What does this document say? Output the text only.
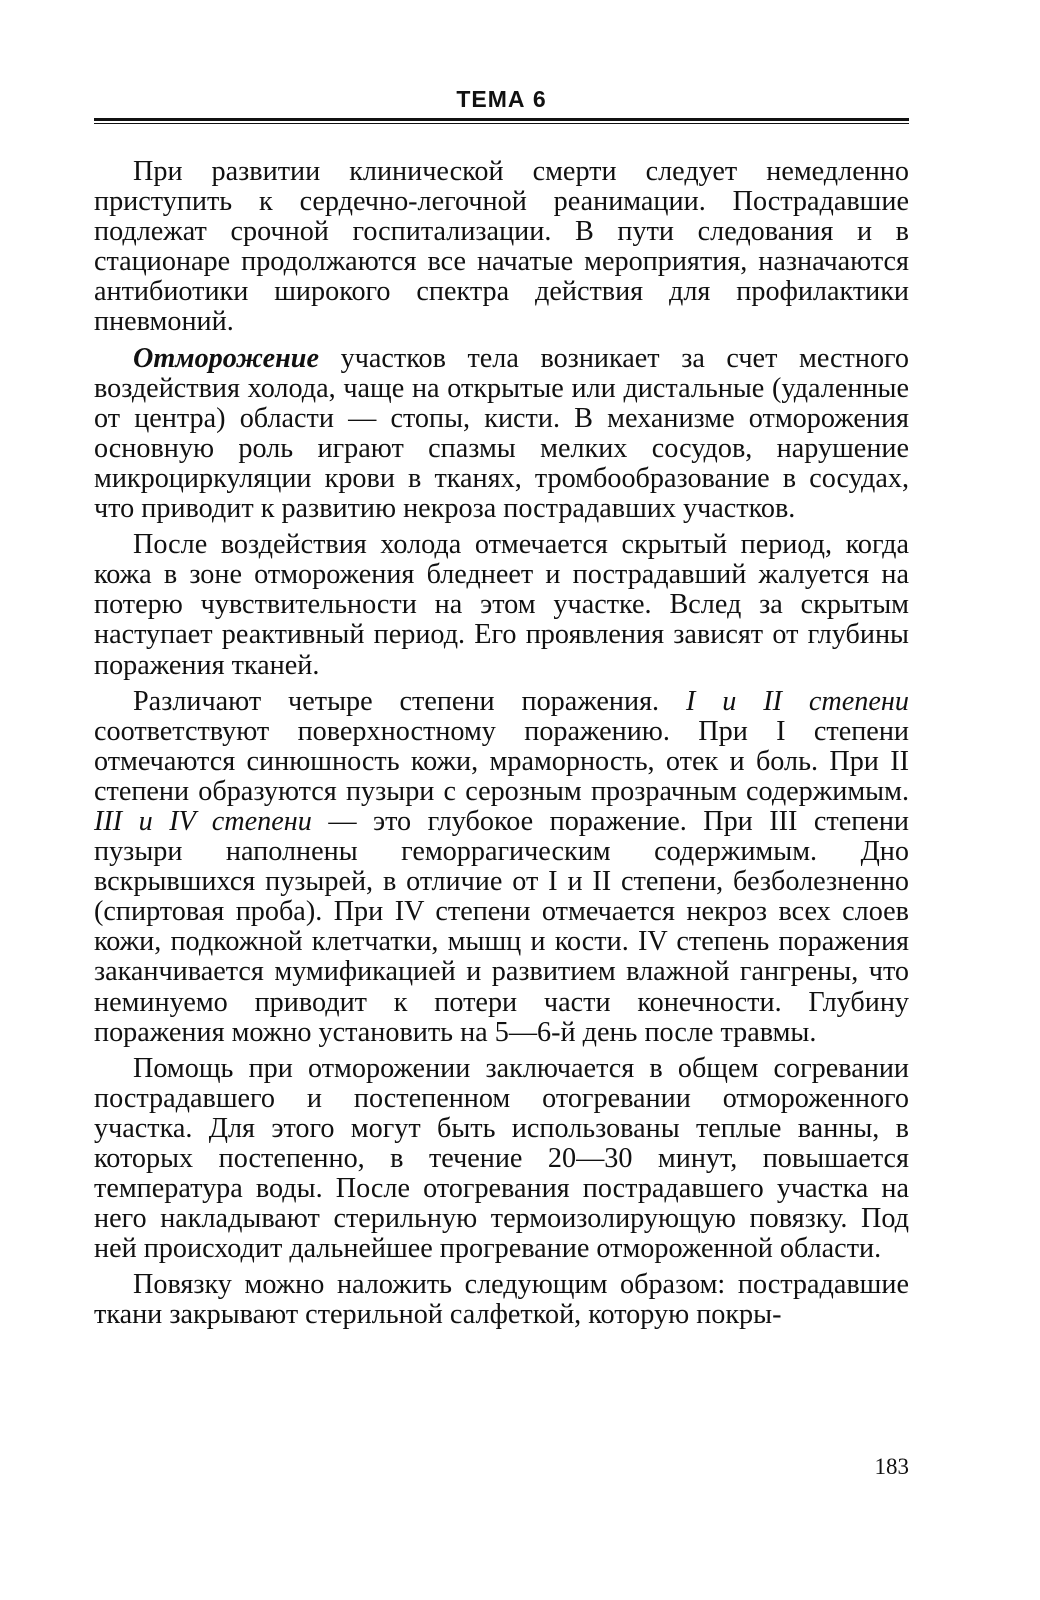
ТЕМА 6

При развитии клинической смерти следует немедленно приступить к сердечно-легочной реанимации. Пострадавшие подлежат срочной госпитализации. В пути следования и в стационаре продолжаются все начатые мероприятия, назначаются антибиотики широкого спектра действия для профилактики пневмоний.

Отморожение участков тела возникает за счет местного воздействия холода, чаще на открытые или дистальные (удаленные от центра) области — стопы, кисти. В механизме отморожения основную роль играют спазмы мелких сосудов, нарушение микроциркуляции крови в тканях, тромбообразование в сосудах, что приводит к развитию некроза пострадавших участков.

После воздействия холода отмечается скрытый период, когда кожа в зоне отморожения бледнеет и пострадавший жалуется на потерю чувствительности на этом участке. Вслед за скрытым наступает реактивный период. Его проявления зависят от глубины поражения тканей.

Различают четыре степени поражения. I и II степени соответствуют поверхностному поражению. При I степени отмечаются синюшность кожи, мраморность, отек и боль. При II степени образуются пузыри с серозным прозрачным содержимым. III и IV степени — это глубокое поражение. При III степени пузыри наполнены геморрагическим содержимым. Дно вскрывшихся пузырей, в отличие от I и II степени, безболезненно (спиртовая проба). При IV степени отмечается некроз всех слоев кожи, подкожной клетчатки, мышц и кости. IV степень поражения заканчивается мумификацией и развитием влажной гангрены, что неминуемо приводит к потери части конечности. Глубину поражения можно установить на 5—6-й день после травмы.

Помощь при отморожении заключается в общем согревании пострадавшего и постепенном отогревании отмороженного участка. Для этого могут быть использованы теплые ванны, в которых постепенно, в течение 20—30 минут, повышается температура воды. После отогревания пострадавшего участка на него накладывают стерильную термоизолирующую повязку. Под ней происходит дальнейшее прогревание отмороженной области.

Повязку можно наложить следующим образом: пострадавшие ткани закрывают стерильной салфеткой, которую покры-

183
